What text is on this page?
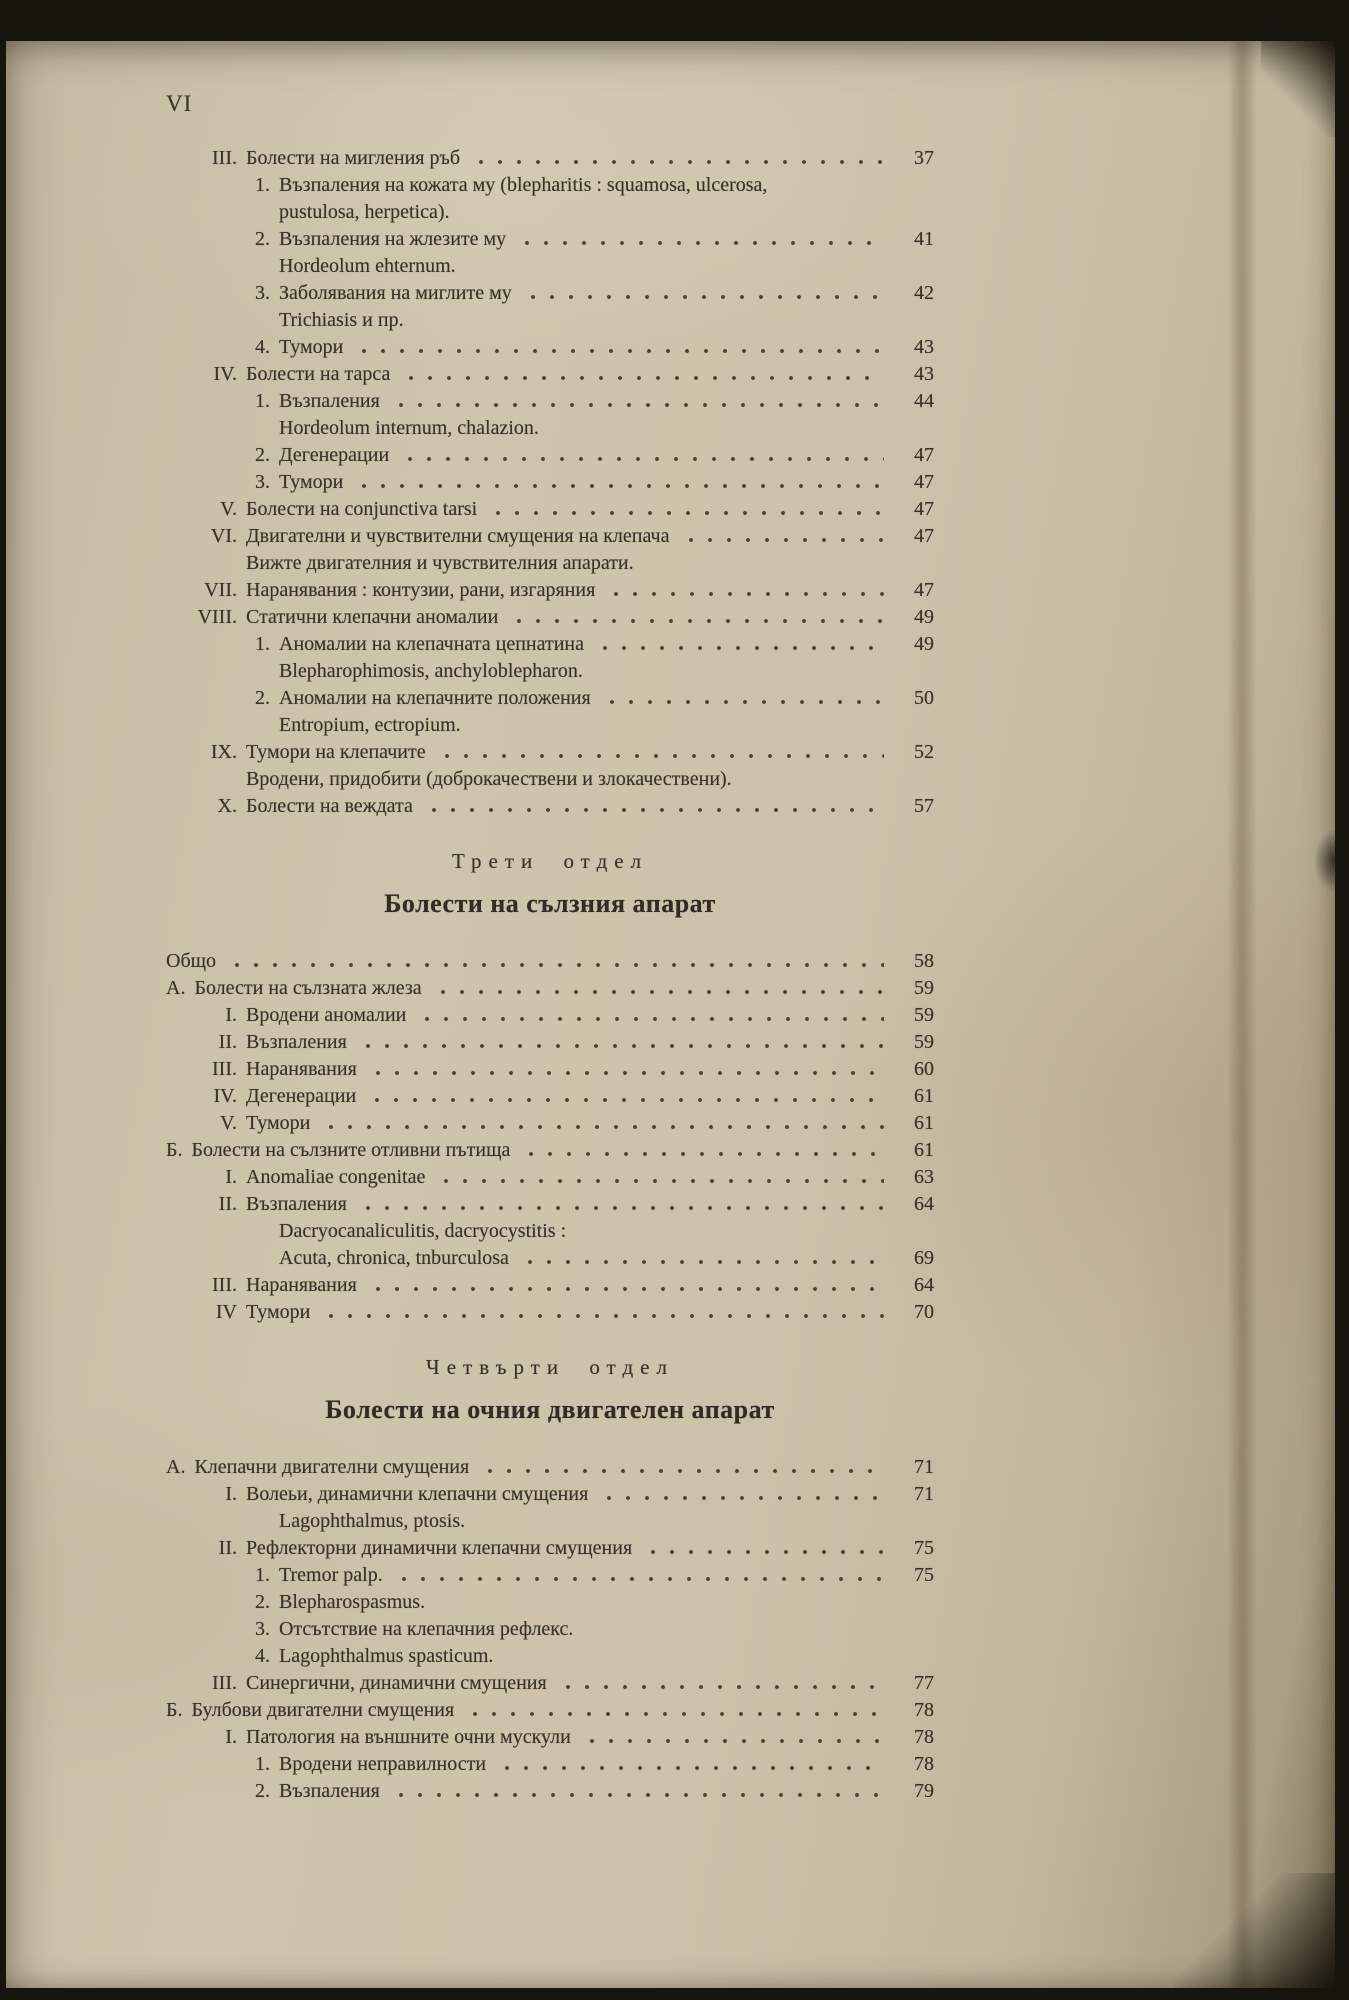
VI
III. Болести на мигления ръб	37
1. Възпаления на кожата му (blepharitis : squamosa, ulcerosa,
pustulosa, herpetica).
2. Възпаления на жлезите му	41
Hordeolum ehternum.
3. Заболявания на миглите му	42
Trichiasis и пр.
4. Тумори	43
IV. Болести на тарса	43
1. Възпаления	44
Hordeolum internum, chalazion.
2. Дегенерации	47
3. Тумори	47
V. Болести на conjunctiva tarsi	47
VI. Двигателни и чувствителни смущения на клепача	47
Вижте двигателния и чувствителния апарати.
VII. Наранявания : контузии, рани, изгаряния	47
VIII. Статични клепачни аномалии	49
1. Аномалии на клепачната цепнатина	49
Blepharophimosis, anchyloblepharon.
2. Аномалии на клепачните положения	50
Entropium, ectropium.
IX. Тумори на клепачите	52
Вродени, придобити (доброкачествени и злокачествени).
X. Болести на веждата	57
Трети отдел
Болести на сълзния апарат
Общо	58
А. Болести на сълзната жлеза	59
I. Вродени аномалии	59
II. Възпаления	59
III. Наранявания	60
IV. Дегенерации	61
V. Тумори	61
Б. Болести на сълзните отливни пътища	61
I. Anomaliae congenitae	63
II. Възпаления	64
Dacryocanaliculitis, dacryocystitis :
Acuta, chronica, tnburculosa	69
III. Наранявания	64
IV Тумори	70
Четвърти отдел
Болести на очния двигателен апарат
А. Клепачни двигателни смущения	71
I. Волеьи, динамични клепачни смущения	71
Lagophthalmus, ptosis.
II. Рефлекторни динамични клепачни смущения	75
1. Tremor palp.	75
2. Blepharospasmus.
3. Отсътствие на клепачния рефлекс.
4. Lagophthalmus spasticum.
III. Синергични, динамични смущения	77
Б. Булбови двигателни смущения	78
I. Патология на външните очни мускули	78
1. Вродени неправилности	78
2. Възпаления	79
